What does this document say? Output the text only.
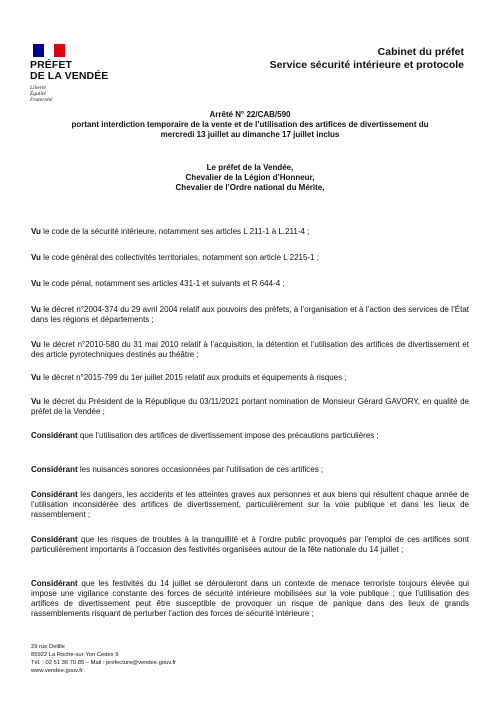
PRÉFET
DE LA VENDÉE
Liberté
Égalité
Fraternité
Cabinet du préfet
Service sécurité intérieure et protocole
Arrêté N° 22/CAB/590
portant interdiction temporaire de la vente et de l’utilisation des artifices de divertissement du
mercredi 13 juillet au dimanche 17 juillet inclus
Le préfet de la Vendée,
Chevalier de la Légion d’Honneur,
Chevalier de l’Ordre national du Mérite,
Vu le code de la sécurité intérieure, notamment ses articles L 211-1 à L.211-4 ;
Vu le code général des collectivités territoriales, notamment son article L 2215-1 ;
Vu le code pénal, notamment ses articles 431-1 et suivants et R 644-4 ;
Vu le décret n°2004-374 du 29 avril 2004 relatif aux pouvoirs des préfets, à l’organisation et à l’action des services de l’État dans les régions et départements ;
Vu le décret n°2010-580 du 31 mai 2010 relatif à l’acquisition, la détention et l’utilisation des artifices de divertissement et des article pyrotechniques destinés au théâtre ;
Vu le décret n°2015-799 du 1er juillet 2015 relatif aux produits et équipements à risques ;
Vu le décret du Président de la République du 03/11/2021 portant nomination de Monsieur Gérard GAVORY, en qualité de préfet de la Vendée ;
Considérant que l’utilisation des artifices de divertissement impose des précautions particulières ;
Considérant les nuisances sonores occasionnées par l’utilisation de ces artifices ;
Considérant les dangers, les accidents et les atteintes graves aux personnes et aux biens qui résultent chaque année de l’utilisation inconsidérée des artifices de divertissement, particulièrement sur la voie publique et dans les lieux de rassemblement ;
Considérant que les risques de troubles à la tranquillité et à l’ordre public provoqués par l’emploi de ces artifices sont particulièrement importants à l’occasion des festivités organisées autour de la fête nationale du 14 juillet ;
Considérant que les festivités du 14 juillet se dérouleront dans un contexte de menace terroriste toujours élevée qui impose une vigilance constante des forces de sécurité intérieure mobilisées sur la voie publique ; que l’utilisation des artifices de divertissement peut être susceptible de provoquer un risque de panique dans des lieux de grands rassemblements risquant de perturber l’action des forces de sécurité intérieure ;
29 rue Delille
85922 La Roche-sur-Yon Cedex 9
Tél. : 02 51 36 70 85 – Mail : prefecture@vendee.gouv.fr
www.vendee.gouv.fr
